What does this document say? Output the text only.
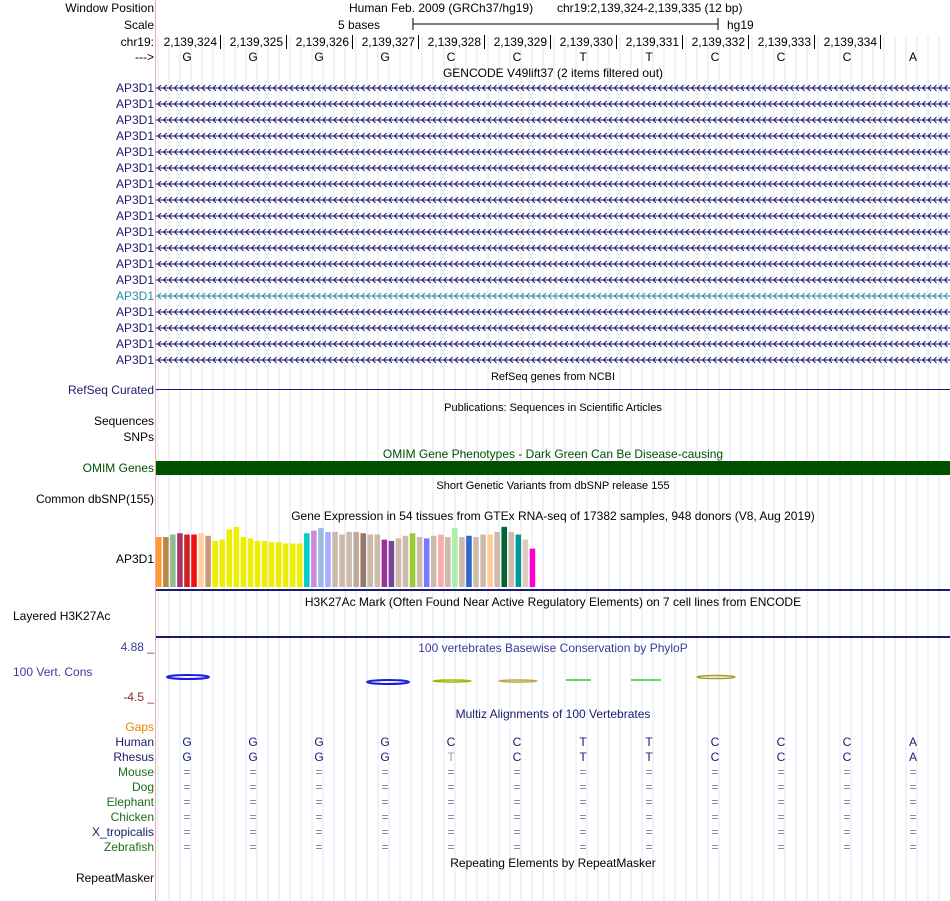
Window Position	Human Feb. 2009 (GRCh37/hg19) chr19:2,139,324-2,139,335 (12 bp)
Scale	5 bases	hg19
chr19:
--->
GENCODE V49lift37 (2 items filtered out)
RefSeq genes from NCBI
RefSeq Curated
Publications: Sequences in Scientific Articles
Sequences
SNPs
OMIM Gene Phenotypes - Dark Green Can Be Disease-causing
OMIM Genes
Short Genetic Variants from dbSNP release 155
Common dbSNP(155)
Gene Expression in 54 tissues from GTEx RNA-seq of 17382 samples, 948 donors (V8, Aug 2019)
AP3D1
H3K27Ac Mark (Often Found Near Active Regulatory Elements) on 7 cell lines from ENCODE
Layered H3K27Ac
100 vertebrates Basewise Conservation by PhyloP
4.88 _
100 Vert. Cons
-4.5 _
Multiz Alignments of 100 Vertebrates
Gaps
Repeating Elements by RepeatMasker
RepeatMasker
2,139,324 2,139,325 2,139,326 2,139,327 2,139,328 2,139,329 2,139,330 2,139,331 2,139,332 2,139,333 2,139,334
G	G	G	G	C	C	T	T	C	C	C	A
AP3D1
AP3D1
AP3D1
AP3D1
AP3D1
AP3D1
AP3D1
AP3D1
AP3D1
AP3D1
AP3D1
AP3D1
AP3D1
AP3D1
AP3D1
AP3D1
AP3D1
AP3D1
Human	G	G	G	G	C	C	T	T	C	C	C	A
Rhesus	G	G	G	G	T	C	T	T	C	C	C	A
Mouse	=	=	=	=	=	=	=	=	=	=	=	=
Dog	=	=	=	=	=	=	=	=	=	=	=	=
Elephant	=	=	=	=	=	=	=	=	=	=	=	=
Chicken	=	=	=	=	=	=	=	=	=	=	=	=
X_tropicalis	=	=	=	=	=	=	=	=	=	=	=	=
Zebrafish	=	=	=	=	=	=	=	=	=	=	=	=
